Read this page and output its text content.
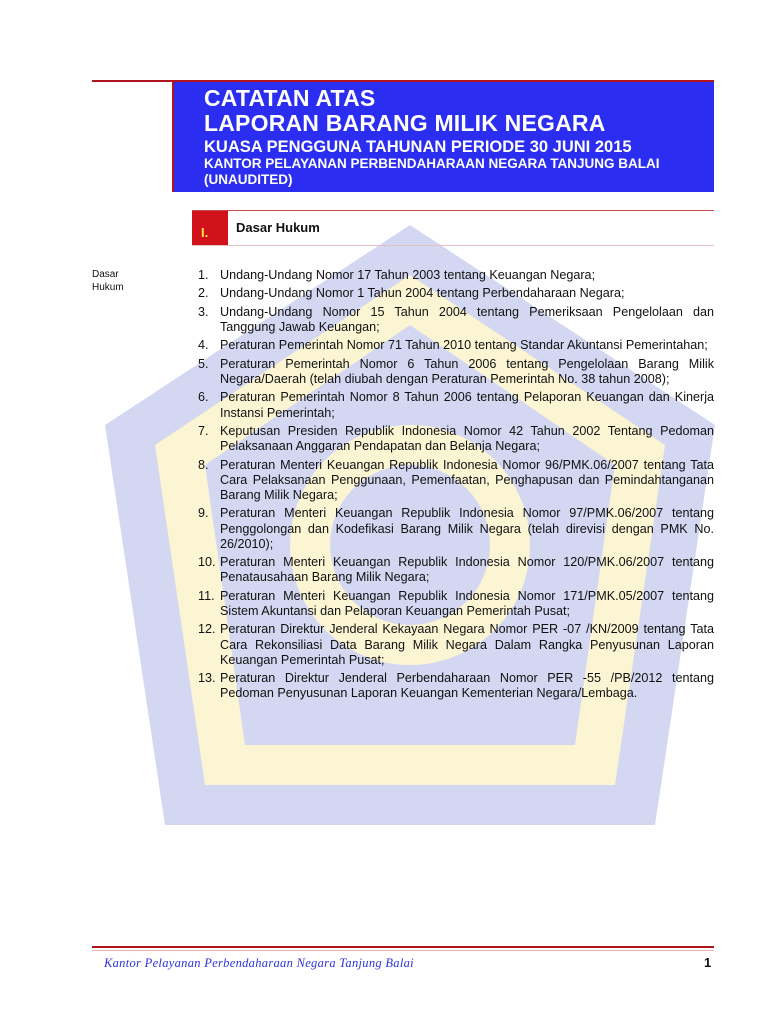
CATATAN ATAS
LAPORAN BARANG MILIK NEGARA
KUASA PENGGUNA TAHUNAN PERIODE 30 JUNI 2015
KANTOR PELAYANAN PERBENDAHARAAN NEGARA TANJUNG BALAI
(UNAUDITED)
I.	Dasar Hukum
Dasar
Hukum
1. Undang-Undang Nomor 17 Tahun 2003 tentang Keuangan Negara;
2. Undang-Undang Nomor 1 Tahun 2004 tentang Perbendaharaan Negara;
3. Undang-Undang Nomor 15 Tahun 2004 tentang Pemeriksaan Pengelolaan dan Tanggung Jawab Keuangan;
4. Peraturan Pemerintah Nomor 71 Tahun 2010 tentang Standar Akuntansi Pemerintahan;
5. Peraturan Pemerintah Nomor 6 Tahun 2006 tentang Pengelolaan Barang Milik Negara/Daerah (telah diubah dengan Peraturan Pemerintah No. 38 tahun 2008);
6. Peraturan Pemerintah Nomor 8 Tahun 2006 tentang Pelaporan Keuangan dan Kinerja Instansi Pemerintah;
7. Keputusan Presiden Republik Indonesia Nomor 42 Tahun 2002 Tentang Pedoman Pelaksanaan Anggaran Pendapatan dan Belanja Negara;
8. Peraturan Menteri Keuangan Republik Indonesia Nomor 96/PMK.06/2007 tentang Tata Cara Pelaksanaan Penggunaan, Pemenfaatan, Penghapusan dan Pemindahtanganan Barang Milik Negara;
9. Peraturan Menteri Keuangan Republik Indonesia Nomor 97/PMK.06/2007 tentang Penggolongan dan Kodefikasi Barang Milik Negara (telah direvisi dengan PMK No. 26/2010);
10. Peraturan Menteri Keuangan Republik Indonesia Nomor 120/PMK.06/2007 tentang Penatausahaan Barang Milik Negara;
11. Peraturan Menteri Keuangan Republik Indonesia Nomor 171/PMK.05/2007 tentang Sistem Akuntansi dan Pelaporan Keuangan Pemerintah Pusat;
12. Peraturan Direktur Jenderal Kekayaan Negara Nomor PER -07 /KN/2009 tentang Tata Cara Rekonsiliasi Data Barang Milik Negara Dalam Rangka Penyusunan Laporan Keuangan Pemerintah Pusat;
13. Peraturan Direktur Jenderal Perbendaharaan Nomor PER -55 /PB/2012 tentang Pedoman Penyusunan Laporan Keuangan Kementerian Negara/Lembaga.
Kantor Pelayanan Perbendaharaan Negara Tanjung Balai	1
